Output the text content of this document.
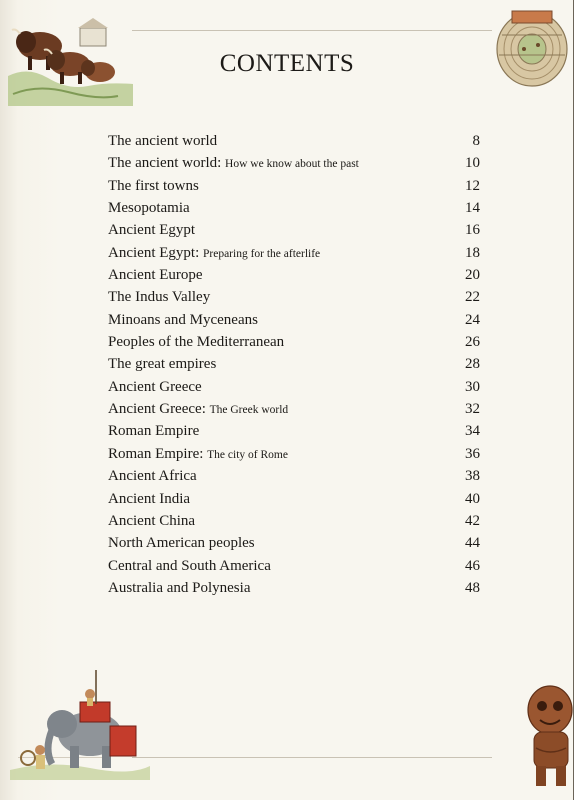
CONTENTS
The ancient world	8
The ancient world: How we know about the past	10
The first towns	12
Mesopotamia	14
Ancient Egypt	16
Ancient Egypt: Preparing for the afterlife	18
Ancient Europe	20
The Indus Valley	22
Minoans and Myceneans	24
Peoples of the Mediterranean	26
The great empires	28
Ancient Greece	30
Ancient Greece: The Greek world	32
Roman Empire	34
Roman Empire: The city of Rome	36
Ancient Africa	38
Ancient India	40
Ancient China	42
North American peoples	44
Central and South America	46
Australia and Polynesia	48
